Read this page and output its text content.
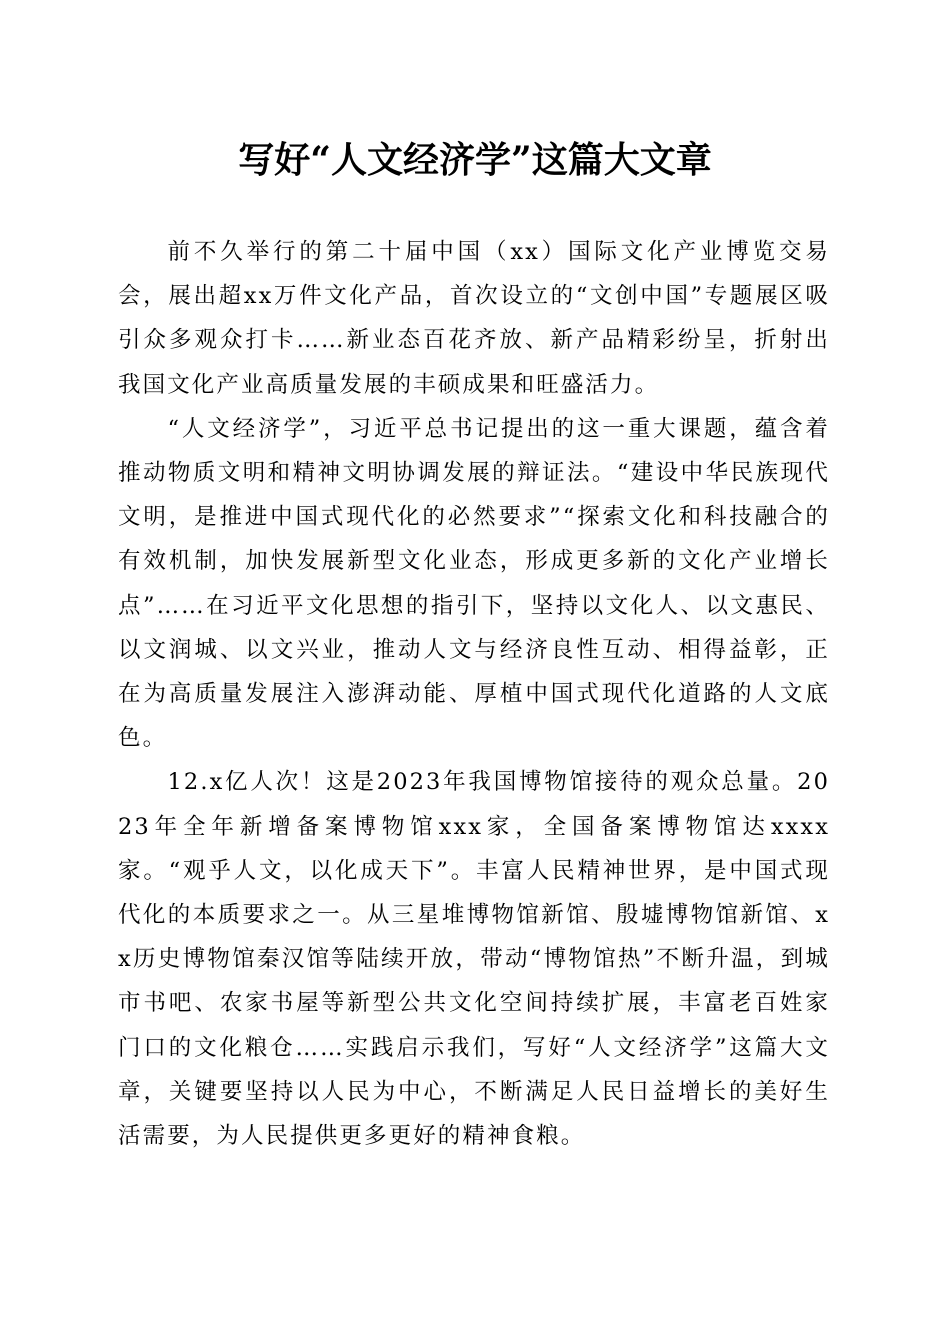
写好“人文经济学”这篇大文章

前不久举行的第二十届中国（xx）国际文化产业博览交易会，展出超xx万件文化产品，首次设立的“文创中国”专题展区吸引众多观众打卡……新业态百花齐放、新产品精彩纷呈，折射出我国文化产业高质量发展的丰硕成果和旺盛活力。

“人文经济学”，习近平总书记提出的这一重大课题，蕴含着推动物质文明和精神文明协调发展的辩证法。“建设中华民族现代文明，是推进中国式现代化的必然要求”“探索文化和科技融合的有效机制，加快发展新型文化业态，形成更多新的文化产业增长点”……在习近平文化思想的指引下，坚持以文化人、以文惠民、以文润城、以文兴业，推动人文与经济良性互动、相得益彰，正在为高质量发展注入澎湃动能、厚植中国式现代化道路的人文底色。

12.x亿人次！这是2023年我国博物馆接待的观众总量。2023年全年新增备案博物馆xxx家，全国备案博物馆达xxxx家。“观乎人文，以化成天下”。丰富人民精神世界，是中国式现代化的本质要求之一。从三星堆博物馆新馆、殷墟博物馆新馆、xx历史博物馆秦汉馆等陆续开放，带动“博物馆热”不断升温，到城市书吧、农家书屋等新型公共文化空间持续扩展，丰富老百姓家门口的文化粮仓……实践启示我们，写好“人文经济学”这篇大文章，关键要坚持以人民为中心，不断满足人民日益增长的美好生活需要，为人民提供更多更好的精神食粮。
